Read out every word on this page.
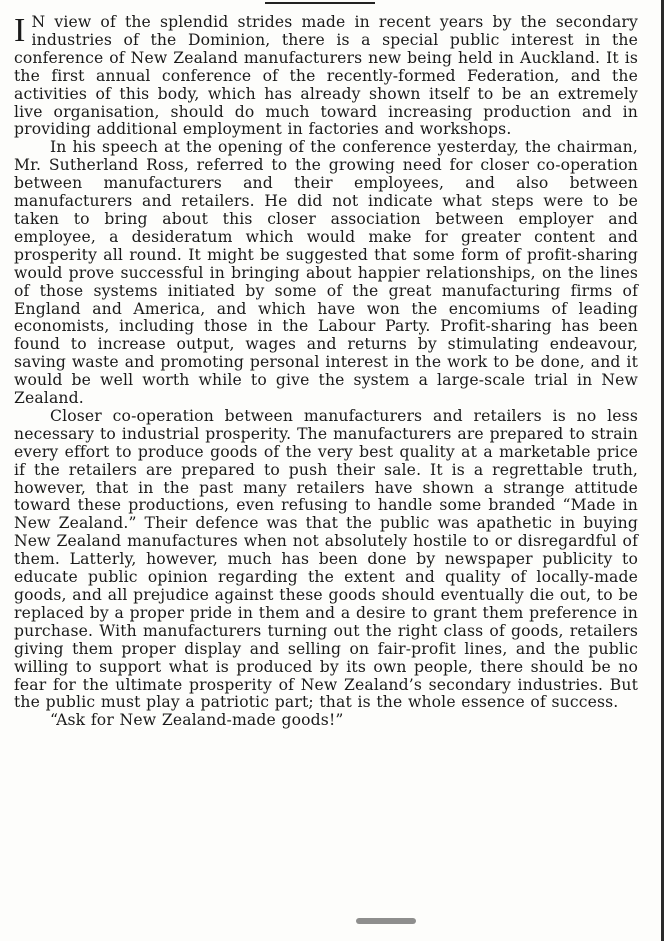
I N view of the splendid strides made in recent years by the secondary industries of the Dominion, there is a special public interest in the conference of New Zealand manufacturers new being held in Auckland. It is the first annual conference of the recently-formed Federation, and the activities of this body, which has already shown itself to be an extremely live organisation, should do much toward increasing production and in providing additional employment in factories and workshops.

In his speech at the opening of the conference yesterday, the chairman, Mr. Sutherland Ross, referred to the growing need for closer co-operation between manufacturers and their employees, and also between manufacturers and retailers. He did not indicate what steps were to be taken to bring about this closer association between employer and employee, a desideratum which would make for greater content and prosperity all round. It might be suggested that some form of profit-sharing would prove successful in bringing about happier relationships, on the lines of those systems initiated by some of the great manufacturing firms of England and America, and which have won the encomiums of leading economists, including those in the Labour Party. Profit-sharing has been found to increase output, wages and returns by stimulating endeavour, saving waste and promoting personal interest in the work to be done, and it would be well worth while to give the system a large-scale trial in New Zealand.

Closer co-operation between manufacturers and retailers is no less necessary to industrial prosperity. The manufacturers are prepared to strain every effort to produce goods of the very best quality at a marketable price if the retailers are prepared to push their sale. It is a regrettable truth, however, that in the past many retailers have shown a strange attitude toward these productions, even refusing to handle some branded “Made in New Zealand.” Their defence was that the public was apathetic in buying New Zealand manufactures when not absolutely hostile to or disregardful of them. Latterly, however, much has been done by newspaper publicity to educate public opinion regarding the extent and quality of locally-made goods, and all prejudice against these goods should eventually die out, to be replaced by a proper pride in them and a desire to grant them preference in purchase. With manufacturers turning out the right class of goods, retailers giving them proper display and selling on fair-profit lines, and the public willing to support what is produced by its own people, there should be no fear for the ultimate prosperity of New Zealand’s secondary industries. But the public must play a patriotic part; that is the whole essence of success.

“Ask for New Zealand-made goods!”
